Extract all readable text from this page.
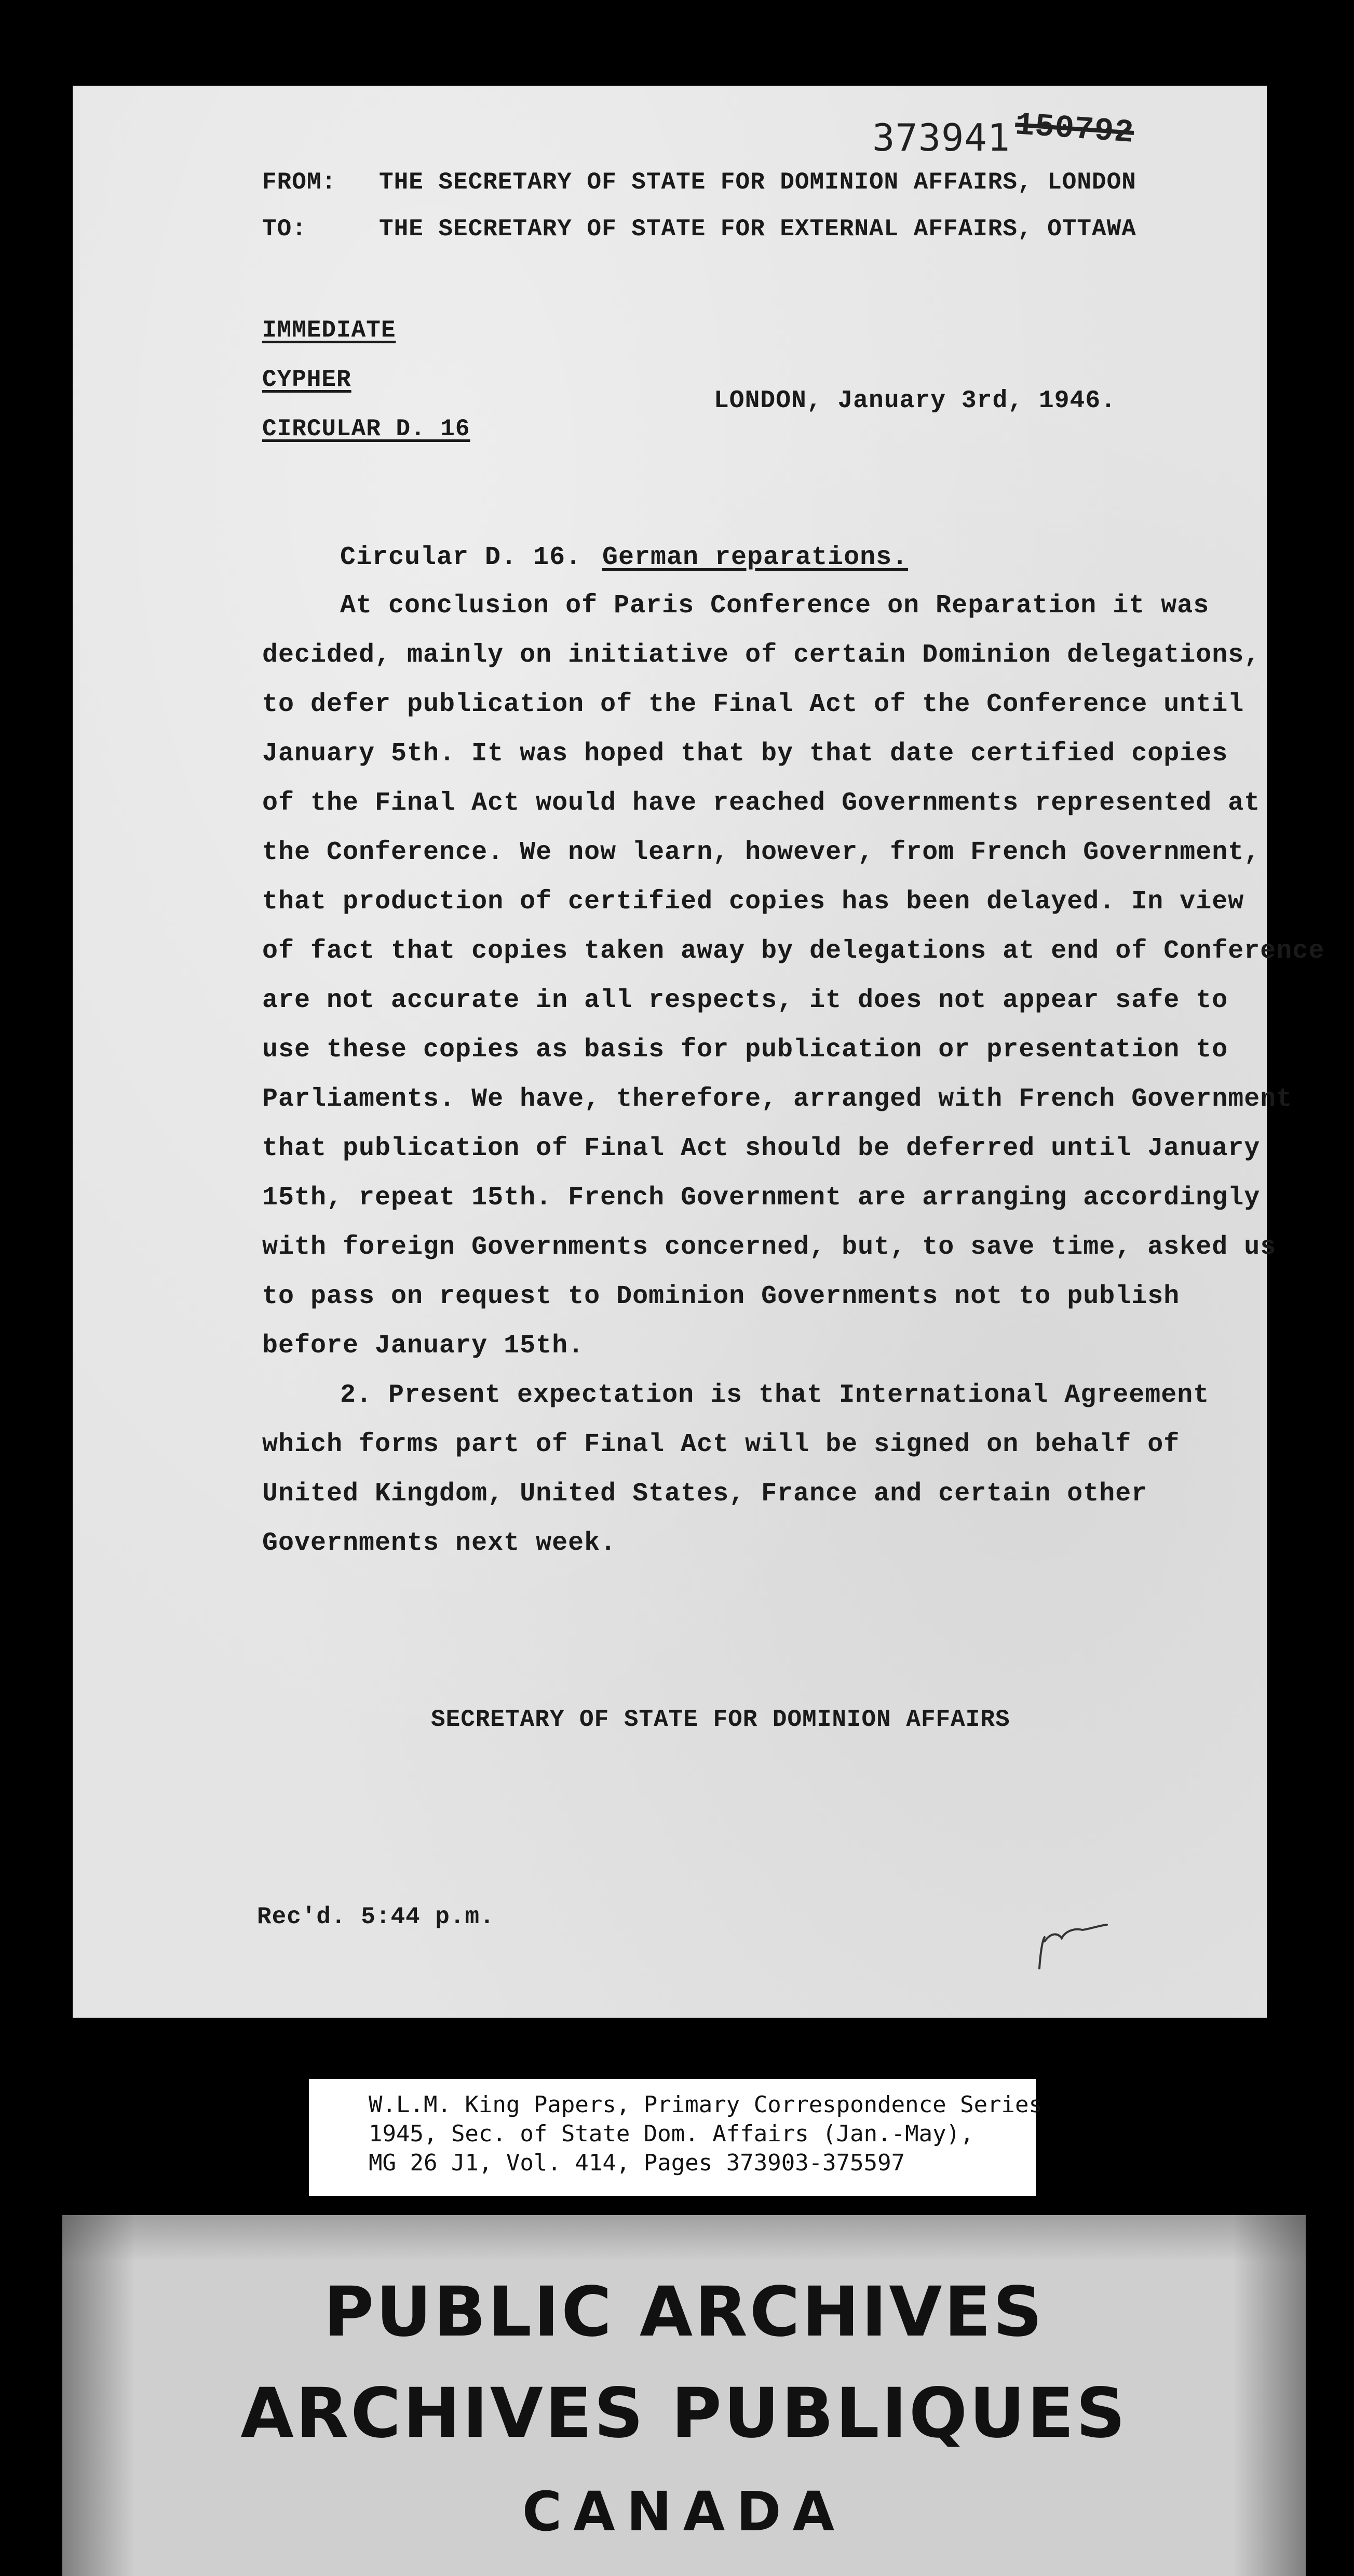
373941 150792
FROM: THE SECRETARY OF STATE FOR DOMINION AFFAIRS, LONDON
TO:	THE SECRETARY OF STATE FOR EXTERNAL AFFAIRS, OTTAWA
IMMEDIATE
CYPHER
CIRCULAR D. 16
LONDON, January 3rd, 1946.
Circular D. 16. German reparations.
At conclusion of Paris Conference on Reparation it was
decided, mainly on initiative of certain Dominion delegations,
to defer publication of the Final Act of the Conference until
January 5th. It was hoped that by that date certified copies
of the Final Act would have reached Governments represented at
the Conference. We now learn, however, from French Government,
that production of certified copies has been delayed. In view
of fact that copies taken away by delegations at end of Conference
are not accurate in all respects, it does not appear safe to
use these copies as basis for publication or presentation to
Parliaments. We have, therefore, arranged with French Government
that publication of Final Act should be deferred until January
15th, repeat 15th. French Government are arranging accordingly
with foreign Governments concerned, but, to save time, asked us
to pass on request to Dominion Governments not to publish
before January 15th.
2. Present expectation is that International Agreement
which forms part of Final Act will be signed on behalf of
United Kingdom, United States, France and certain other
Governments next week.
SECRETARY OF STATE FOR DOMINION AFFAIRS
Rec'd. 5:44 p.m.
W.L.M. King Papers, Primary Correspondence Series
1945, Sec. of State Dom. Affairs (Jan.-May),
MG 26 J1, Vol. 414, Pages 373903-375597
PUBLIC ARCHIVES
ARCHIVES PUBLIQUES
CANADA
